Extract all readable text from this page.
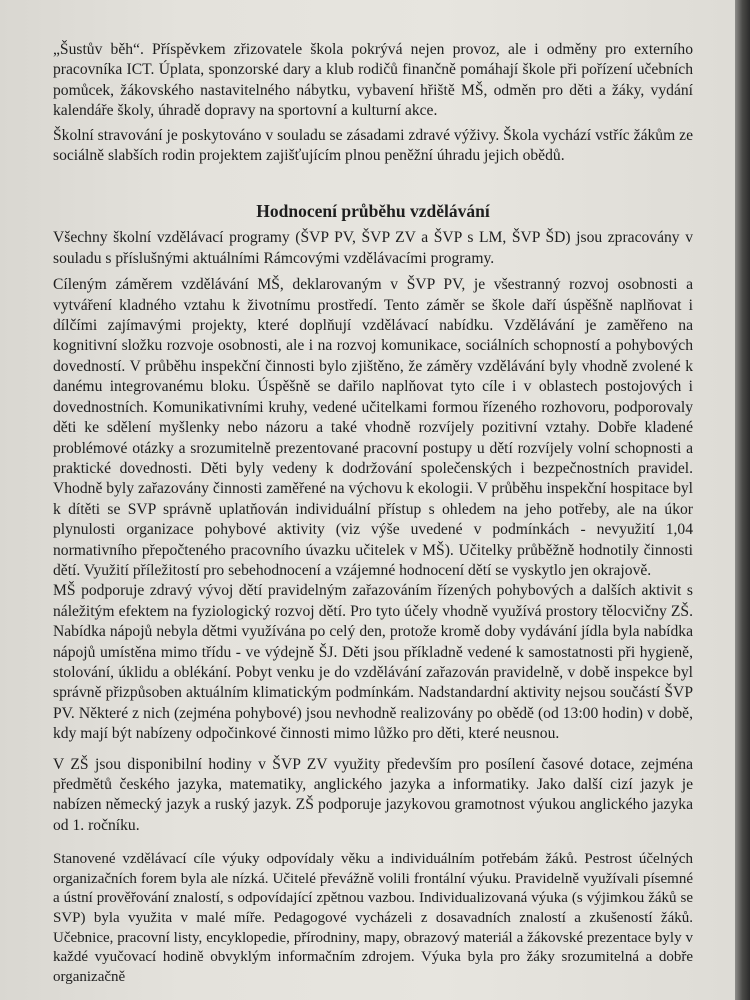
„Šustův běh“. Příspěvkem zřizovatele škola pokrývá nejen provoz, ale i odměny pro externího pracovníka ICT. Úplata, sponzorské dary a klub rodičů finančně pomáhají škole při pořízení učebních pomůcek, žákovského nastavitelného nábytku, vybavení hřiště MŠ, odměn pro děti a žáky, vydání kalendáře školy, úhradě dopravy na sportovní a kulturní akce.

Školní stravování je poskytováno v souladu se zásadami zdravé výživy. Škola vychází vstříc žákům ze sociálně slabších rodin projektem zajišťujícím plnou peněžní úhradu jejich obědů.

Hodnocení průběhu vzdělávání

Všechny školní vzdělávací programy (ŠVP PV, ŠVP ZV a ŠVP s LM, ŠVP ŠD) jsou zpracovány v souladu s příslušnými aktuálními Rámcovými vzdělávacími programy.

Cíleným záměrem vzdělávání MŠ, deklarovaným v ŠVP PV, je všestranný rozvoj osobnosti a vytváření kladného vztahu k životnímu prostředí. Tento záměr se škole daří úspěšně naplňovat i dílčími zajímavými projekty, které doplňují vzdělávací nabídku. Vzdělávání je zaměřeno na kognitivní složku rozvoje osobnosti, ale i na rozvoj komunikace, sociálních schopností a pohybových dovedností. V průběhu inspekční činnosti bylo zjištěno, že záměry vzdělávání byly vhodně zvolené k danému integrovanému bloku. Úspěšně se dařilo naplňovat tyto cíle i v oblastech postojových i dovednostních. Komunikativními kruhy, vedené učitelkami formou řízeného rozhovoru, podporovaly děti ke sdělení myšlenky nebo názoru a také vhodně rozvíjely pozitivní vztahy. Dobře kladené problémové otázky a srozumitelně prezentované pracovní postupy u dětí rozvíjely volní schopnosti a praktické dovednosti. Děti byly vedeny k dodržování společenských i bezpečnostních pravidel. Vhodně byly zařazovány činnosti zaměřené na výchovu k ekologii. V průběhu inspekční hospitace byl k dítěti se SVP správně uplatňován individuální přístup s ohledem na jeho potřeby, ale na úkor plynulosti organizace pohybové aktivity (viz výše uvedené v podmínkách - nevyužití 1,04 normativního přepočteného pracovního úvazku učitelek v MŠ). Učitelky průběžně hodnotily činnosti dětí. Využití příležitostí pro sebehodnocení a vzájemné hodnocení dětí se vyskytlo jen okrajově.

MŠ podporuje zdravý vývoj dětí pravidelným zařazováním řízených pohybových a dalších aktivit s náležitým efektem na fyziologický rozvoj dětí. Pro tyto účely vhodně využívá prostory tělocvičny ZŠ. Nabídka nápojů nebyla dětmi využívána po celý den, protože kromě doby vydávání jídla byla nabídka nápojů umístěna mimo třídu - ve výdejně ŠJ. Děti jsou příkladně vedené k samostatnosti při hygieně, stolování, úklidu a oblékání. Pobyt venku je do vzdělávání zařazován pravidelně, v době inspekce byl správně přizpůsoben aktuálním klimatickým podmínkám. Nadstandardní aktivity nejsou součástí ŠVP PV. Některé z nich (zejména pohybové) jsou nevhodně realizovány po obědě (od 13:00 hodin) v době, kdy mají být nabízeny odpočinkové činnosti mimo lůžko pro děti, které neusnou.

V ZŠ jsou disponibilní hodiny v ŠVP ZV využity především pro posílení časové dotace, zejména předmětů českého jazyka, matematiky, anglického jazyka a informatiky. Jako další cizí jazyk je nabízen německý jazyk a ruský jazyk. ZŠ podporuje jazykovou gramotnost výukou anglického jazyka od 1. ročníku.

Stanovené vzdělávací cíle výuky odpovídaly věku a individuálním potřebám žáků. Pestrost účelných organizačních forem byla ale nízká. Učitelé převážně volili frontální výuku. Pravidelně využívali písemné a ústní prověřování znalostí, s odpovídající zpětnou vazbou. Individualizovaná výuka (s výjimkou žáků se SVP) byla využita v malé míře. Pedagogové vycházeli z dosavadních znalostí a zkušeností žáků. Učebnice, pracovní listy, encyklopedie, přírodniny, mapy, obrazový materiál a žákovské prezentace byly v každé vyučovací hodině obvyklým informačním zdrojem. Výuka byla pro žáky srozumitelná a dobře organizačně
